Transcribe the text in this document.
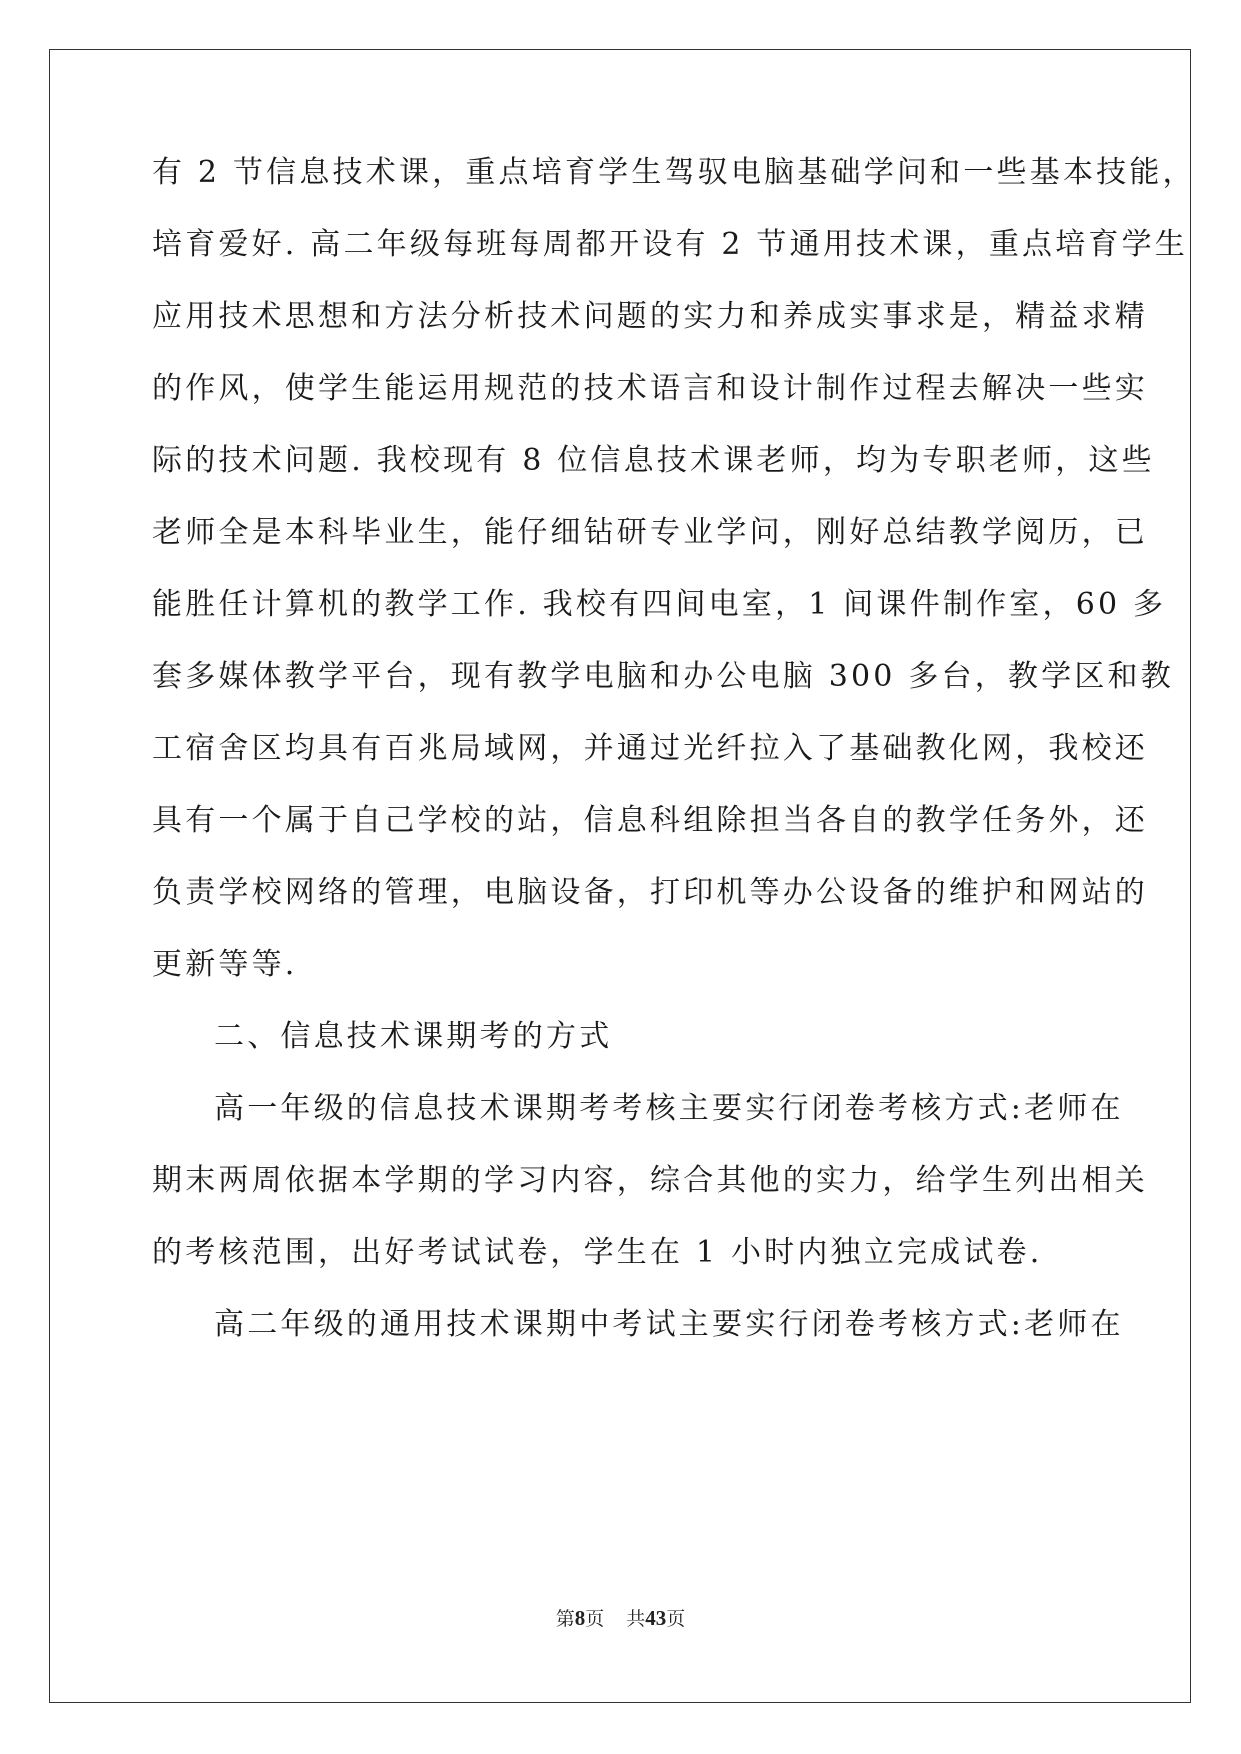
有 2 节信息技术课，重点培育学生驾驭电脑基础学问和一些基本技能，
培育爱好. 高二年级每班每周都开设有 2 节通用技术课，重点培育学生
应用技术思想和方法分析技术问题的实力和养成实事求是，精益求精
的作风，使学生能运用规范的技术语言和设计制作过程去解决一些实
际的技术问题. 我校现有 8 位信息技术课老师，均为专职老师，这些
老师全是本科毕业生，能仔细钻研专业学问，刚好总结教学阅历，已
能胜任计算机的教学工作. 我校有四间电室，1 间课件制作室，60 多
套多媒体教学平台，现有教学电脑和办公电脑 300 多台，教学区和教
工宿舍区均具有百兆局域网，并通过光纤拉入了基础教化网，我校还
具有一个属于自己学校的站，信息科组除担当各自的教学任务外，还
负责学校网络的管理，电脑设备，打印机等办公设备的维护和网站的
更新等等.
二、信息技术课期考的方式
高一年级的信息技术课期考考核主要实行闭卷考核方式:老师在
期末两周依据本学期的学习内容，综合其他的实力，给学生列出相关
的考核范围，出好考试试卷，学生在 1 小时内独立完成试卷.
高二年级的通用技术课期中考试主要实行闭卷考核方式:老师在
第8页 共43页
